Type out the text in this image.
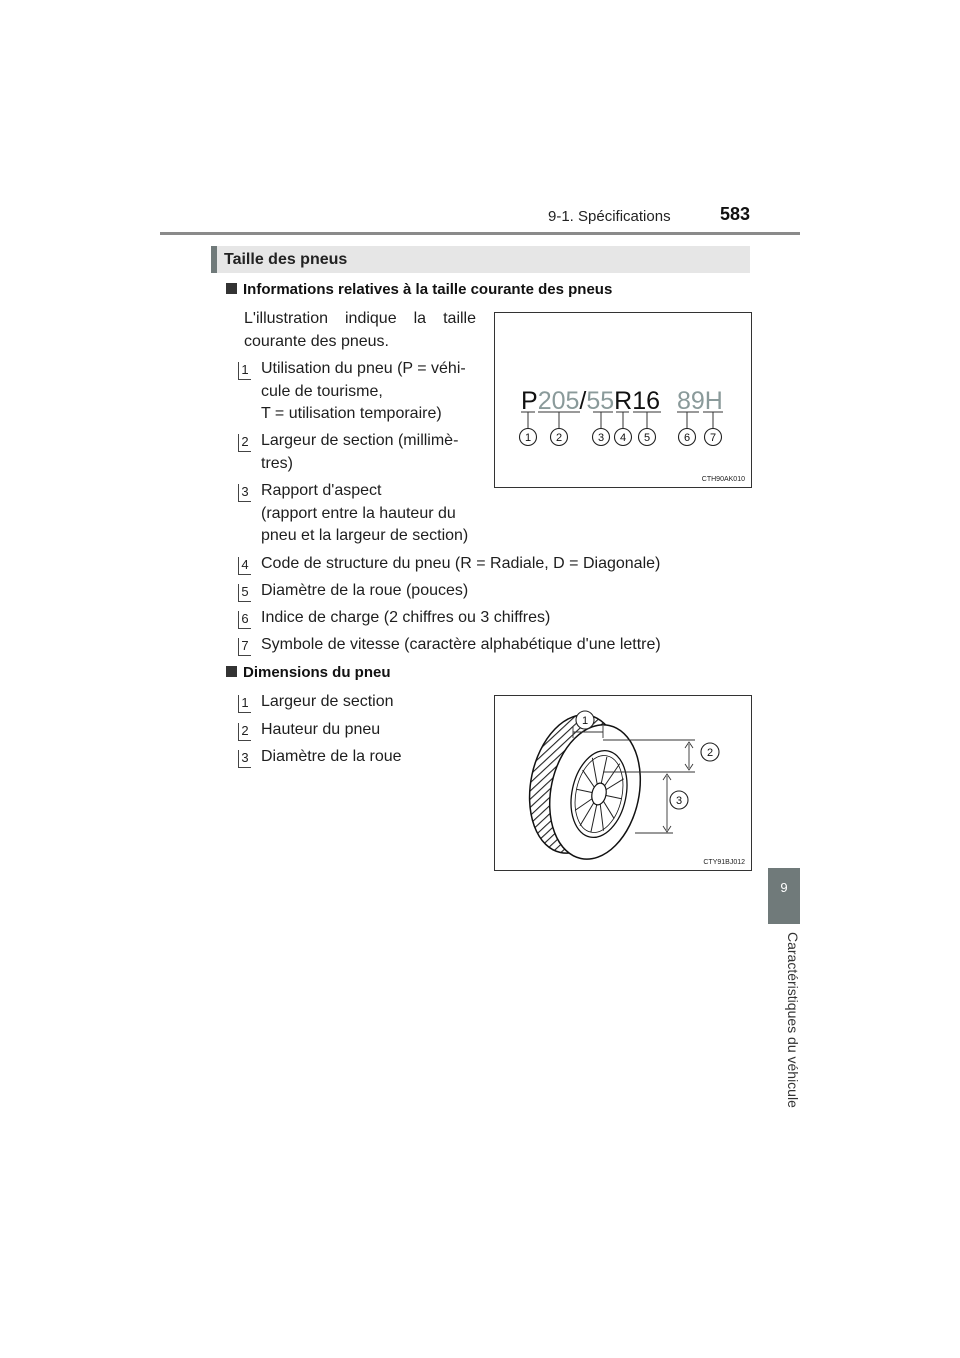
9-1. Spécifications	583
9
Caractéristiques du véhicule
Taille des pneus
Informations relatives à la taille courante des pneus
L'illustration indique la taille courante des pneus.
1 Utilisation du pneu (P = véhi-
cule de tourisme,
T = utilisation temporaire)
2 Largeur de section (millimè-
tres)
3 Rapport d'aspect
(rapport entre la hauteur du
pneu et la largeur de section)
4 Code de structure du pneu (R = Radiale, D = Diagonale)
5 Diamètre de la roue (pouces)
6 Indice de charge (2 chiffres ou 3 chiffres)
7 Symbole de vitesse (caractère alphabétique d'une lettre)
P205/55R16 89H
1 2	3 4 5	6 7
CTH90AK010
Dimensions du pneu
1 Largeur de section
2 Hauteur du pneu
3 Diamètre de la roue
1
2
3
CTY91BJ012
